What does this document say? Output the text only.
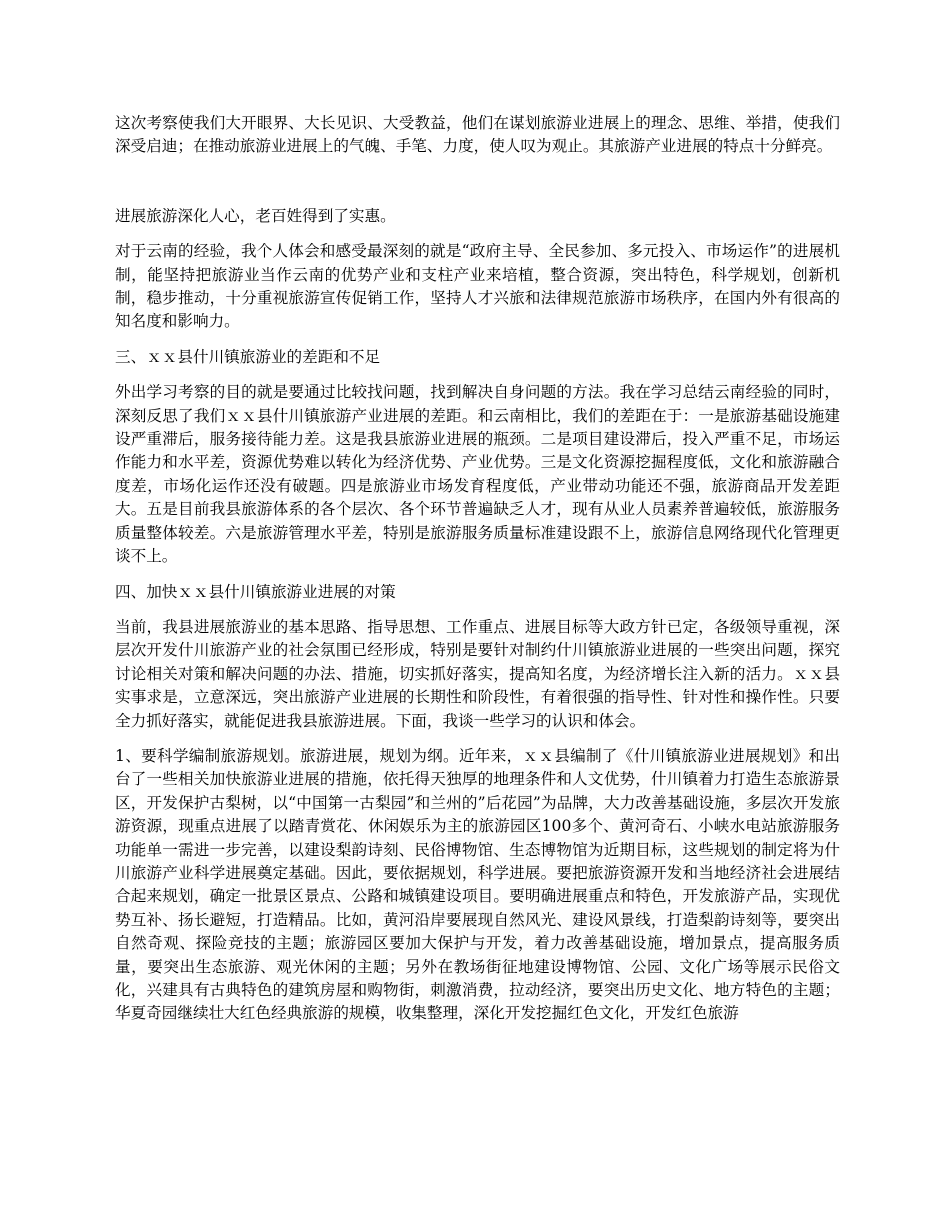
这次考察使我们大开眼界、大长见识、大受教益，他们在谋划旅游业进展上的理念、思维、举措，使我们深受启迪；在推动旅游业进展上的气魄、手笔、力度，使人叹为观止。其旅游产业进展的特点十分鲜亮。

进展旅游深化人心，老百姓得到了实惠。

对于云南的经验，我个人体会和感受最深刻的就是“政府主导、全民参加、多元投入、市场运作”的进展机制，能坚持把旅游业当作云南的优势产业和支柱产业来培植，整合资源，突出特色，科学规划，创新机制，稳步推动，十分重视旅游宣传促销工作，坚持人才兴旅和法律规范旅游市场秩序，在国内外有很高的知名度和影响力。

三、ｘｘ县什川镇旅游业的差距和不足

外出学习考察的目的就是要通过比较找问题，找到解决自身问题的方法。我在学习总结云南经验的同时，深刻反思了我们ｘｘ县什川镇旅游产业进展的差距。和云南相比，我们的差距在于：一是旅游基础设施建设严重滞后，服务接待能力差。这是我县旅游业进展的瓶颈。二是项目建设滞后，投入严重不足，市场运作能力和水平差，资源优势难以转化为经济优势、产业优势。三是文化资源挖掘程度低，文化和旅游融合度差，市场化运作还没有破题。四是旅游业市场发育程度低，产业带动功能还不强，旅游商品开发差距大。五是目前我县旅游体系的各个层次、各个环节普遍缺乏人才，现有从业人员素养普遍较低，旅游服务质量整体较差。六是旅游管理水平差，特别是旅游服务质量标准建设跟不上，旅游信息网络现代化管理更谈不上。

四、加快ｘｘ县什川镇旅游业进展的对策

当前，我县进展旅游业的基本思路、指导思想、工作重点、进展目标等大政方针已定，各级领导重视，深层次开发什川旅游产业的社会氛围已经形成，特别是要针对制约什川镇旅游业进展的一些突出问题，探究讨论相关对策和解决问题的办法、措施，切实抓好落实，提高知名度，为经济增长注入新的活力。ｘｘ县实事求是，立意深远，突出旅游产业进展的长期性和阶段性，有着很强的指导性、针对性和操作性。只要全力抓好落实，就能促进我县旅游进展。下面，我谈一些学习的认识和体会。

1、要科学编制旅游规划。旅游进展，规划为纲。近年来，ｘｘ县编制了《什川镇旅游业进展规划》和出台了一些相关加快旅游业进展的措施，依托得天独厚的地理条件和人文优势，什川镇着力打造生态旅游景区，开发保护古梨树，以“中国第一古梨园”和兰州的”后花园”为品牌，大力改善基础设施，多层次开发旅游资源，现重点进展了以踏青赏花、休闲娱乐为主的旅游园区100多个、黄河奇石、小峡水电站旅游服务功能单一需进一步完善，以建设梨韵诗刻、民俗博物馆、生态博物馆为近期目标，这些规划的制定将为什川旅游产业科学进展奠定基础。因此，要依据规划，科学进展。要把旅游资源开发和当地经济社会进展结合起来规划，确定一批景区景点、公路和城镇建设项目。要明确进展重点和特色，开发旅游产品，实现优势互补、扬长避短，打造精品。比如，黄河沿岸要展现自然风光、建设风景线，打造梨韵诗刻等，要突出自然奇观、探险竞技的主题；旅游园区要加大保护与开发，着力改善基础设施，增加景点，提高服务质量，要突出生态旅游、观光休闲的主题；另外在教场街征地建设博物馆、公园、文化广场等展示民俗文化，兴建具有古典特色的建筑房屋和购物街，刺激消费，拉动经济，要突出历史文化、地方特色的主题；华夏奇园继续壮大红色经典旅游的规模，收集整理，深化开发挖掘红色文化，开发红色旅游
